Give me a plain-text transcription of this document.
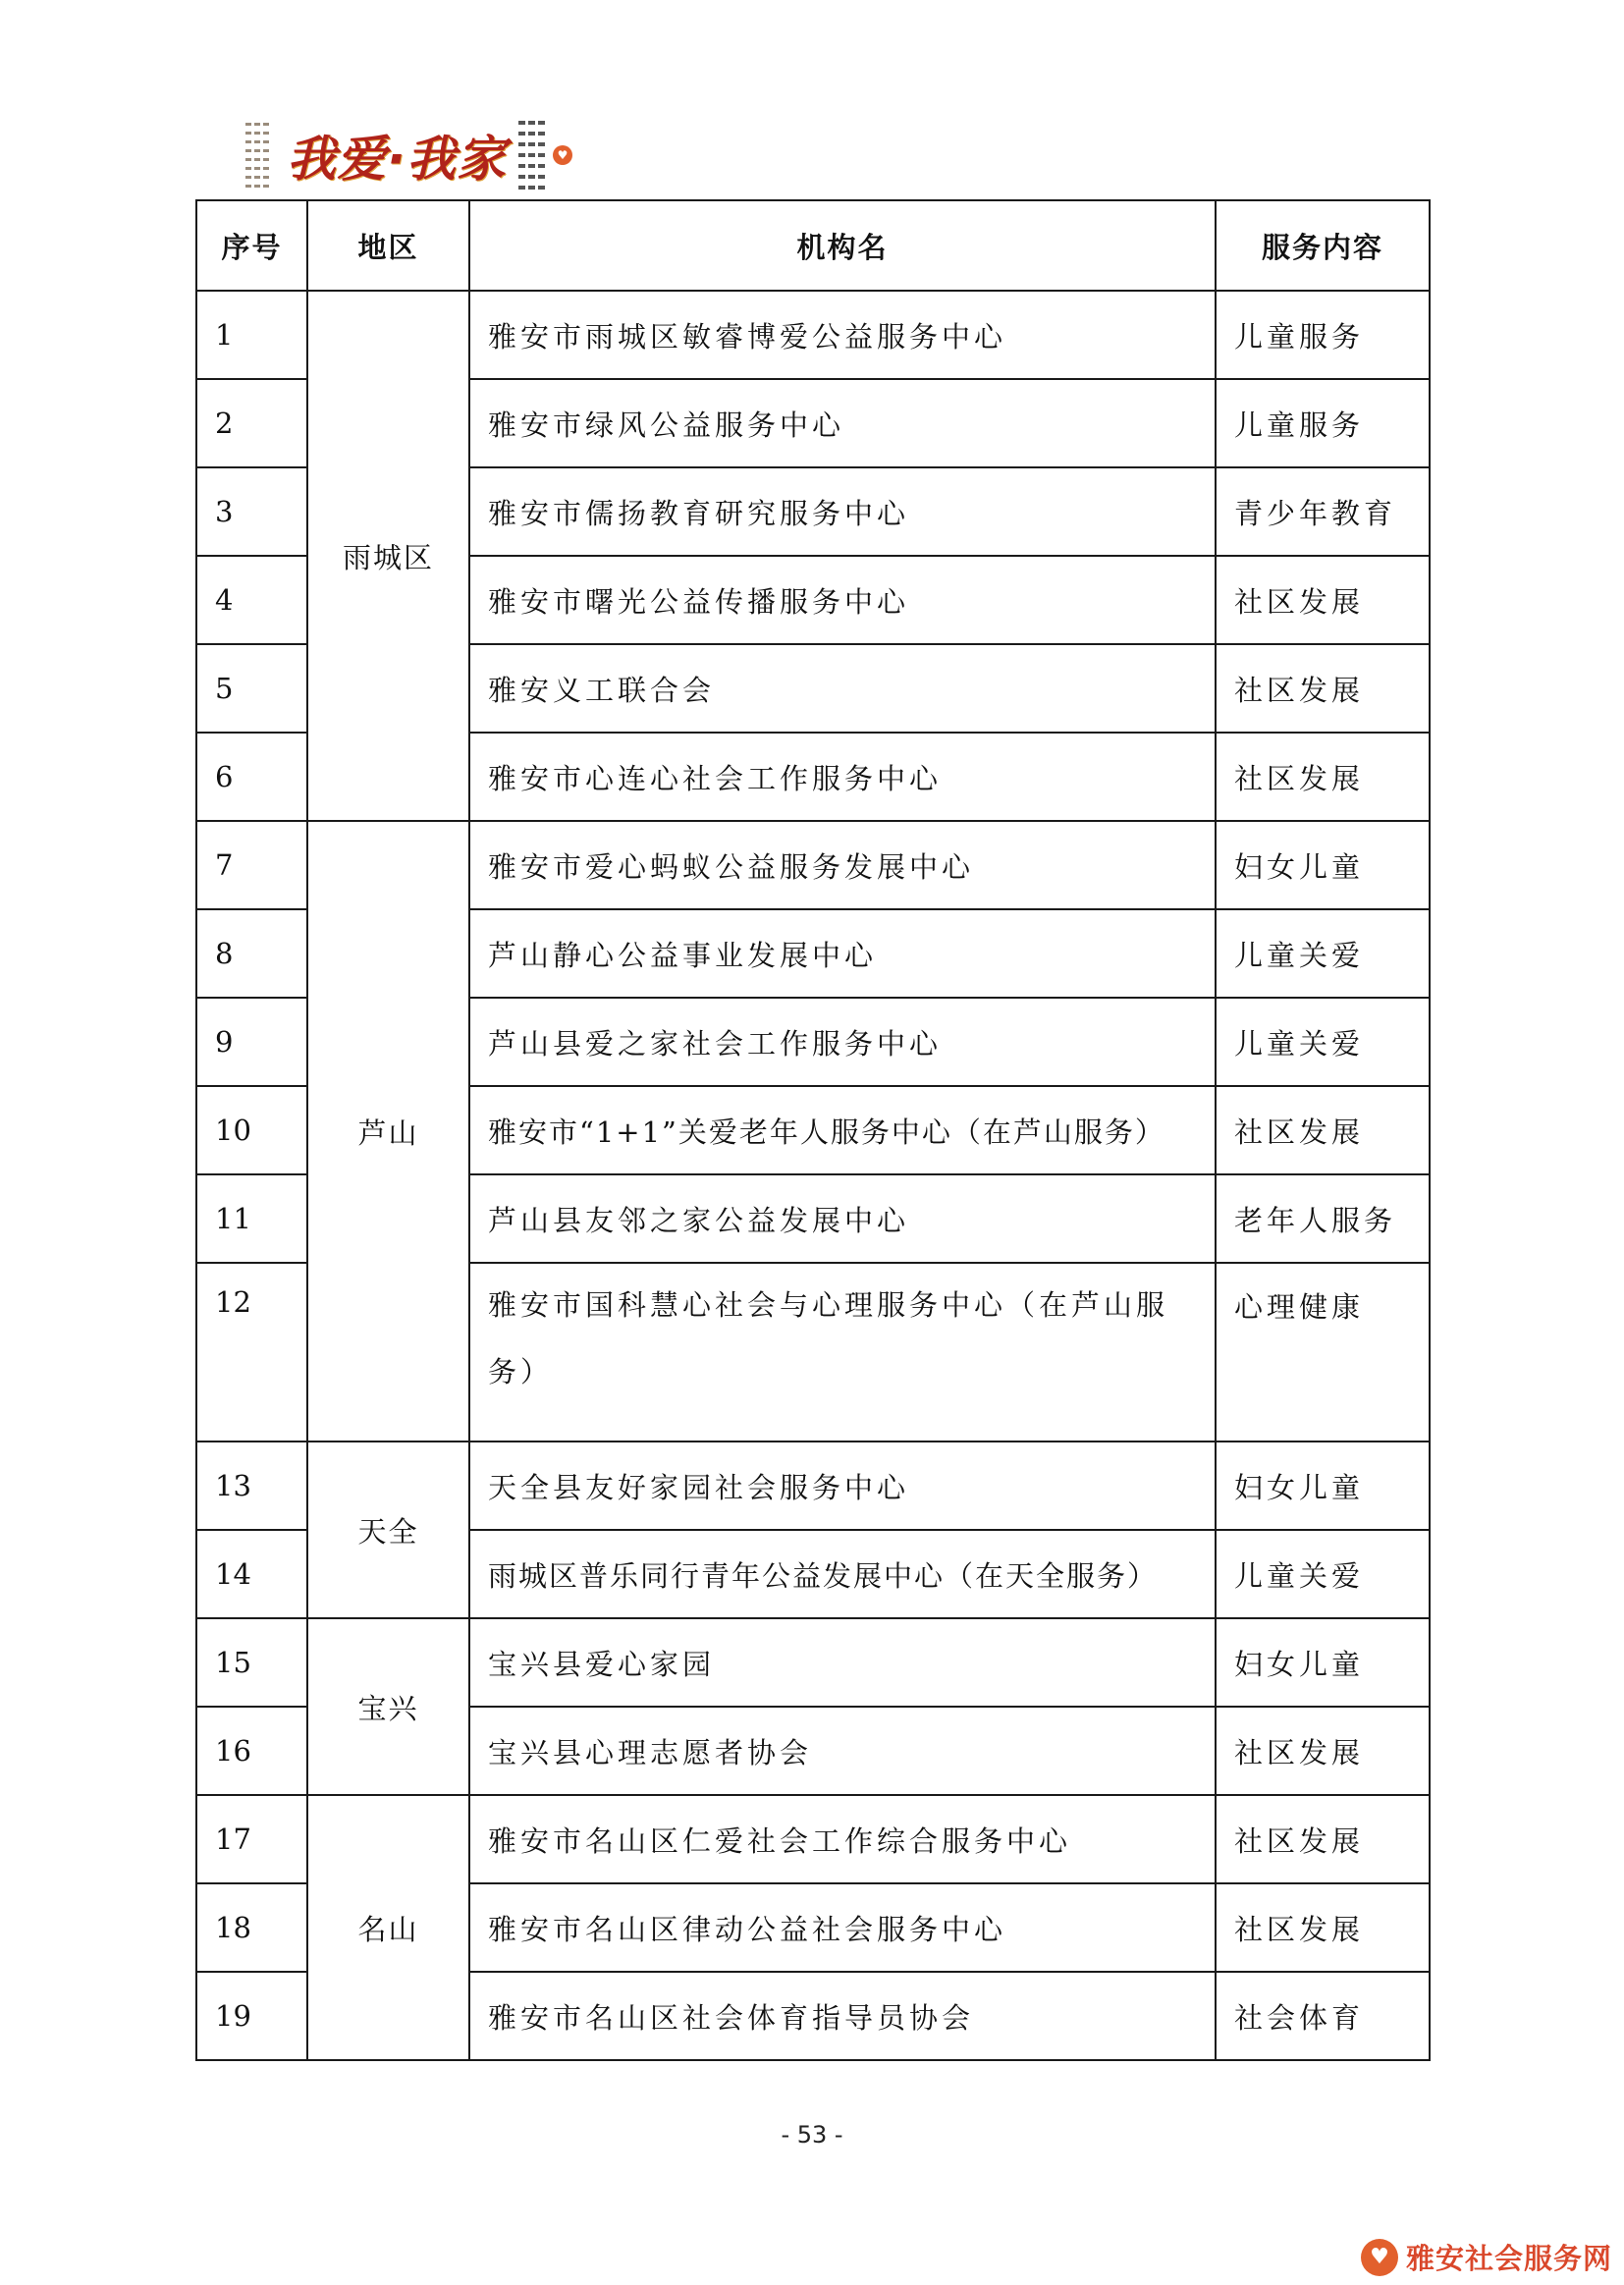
我爱·我家	♥
序号	地区	机构名	服务内容
1	雨城区	雅安市雨城区敏睿博爱公益服务中心	儿童服务
2		雅安市绿风公益服务中心	儿童服务
3		雅安市儒扬教育研究服务中心	青少年教育
4		雅安市曙光公益传播服务中心	社区发展
5		雅安义工联合会	社区发展
6		雅安市心连心社会工作服务中心	社区发展
7	芦山	雅安市爱心蚂蚁公益服务发展中心	妇女儿童
8		芦山静心公益事业发展中心	儿童关爱
9		芦山县爱之家社会工作服务中心	儿童关爱
10		雅安市“1+1”关爱老年人服务中心（在芦山服务）	社区发展
11		芦山县友邻之家公益发展中心	老年人服务
12		雅安市国科慧心社会与心理服务中心（在芦山服务）	心理健康
13	天全	天全县友好家园社会服务中心	妇女儿童
14		雨城区普乐同行青年公益发展中心（在天全服务）	儿童关爱
15	宝兴	宝兴县爱心家园	妇女儿童
16		宝兴县心理志愿者协会	社区发展
17	名山	雅安市名山区仁爱社会工作综合服务中心	社区发展
18		雅安市名山区律动公益社会服务中心	社区发展
19		雅安市名山区社会体育指导员协会	社会体育
- 53 -
♥ 雅安社会服务网
